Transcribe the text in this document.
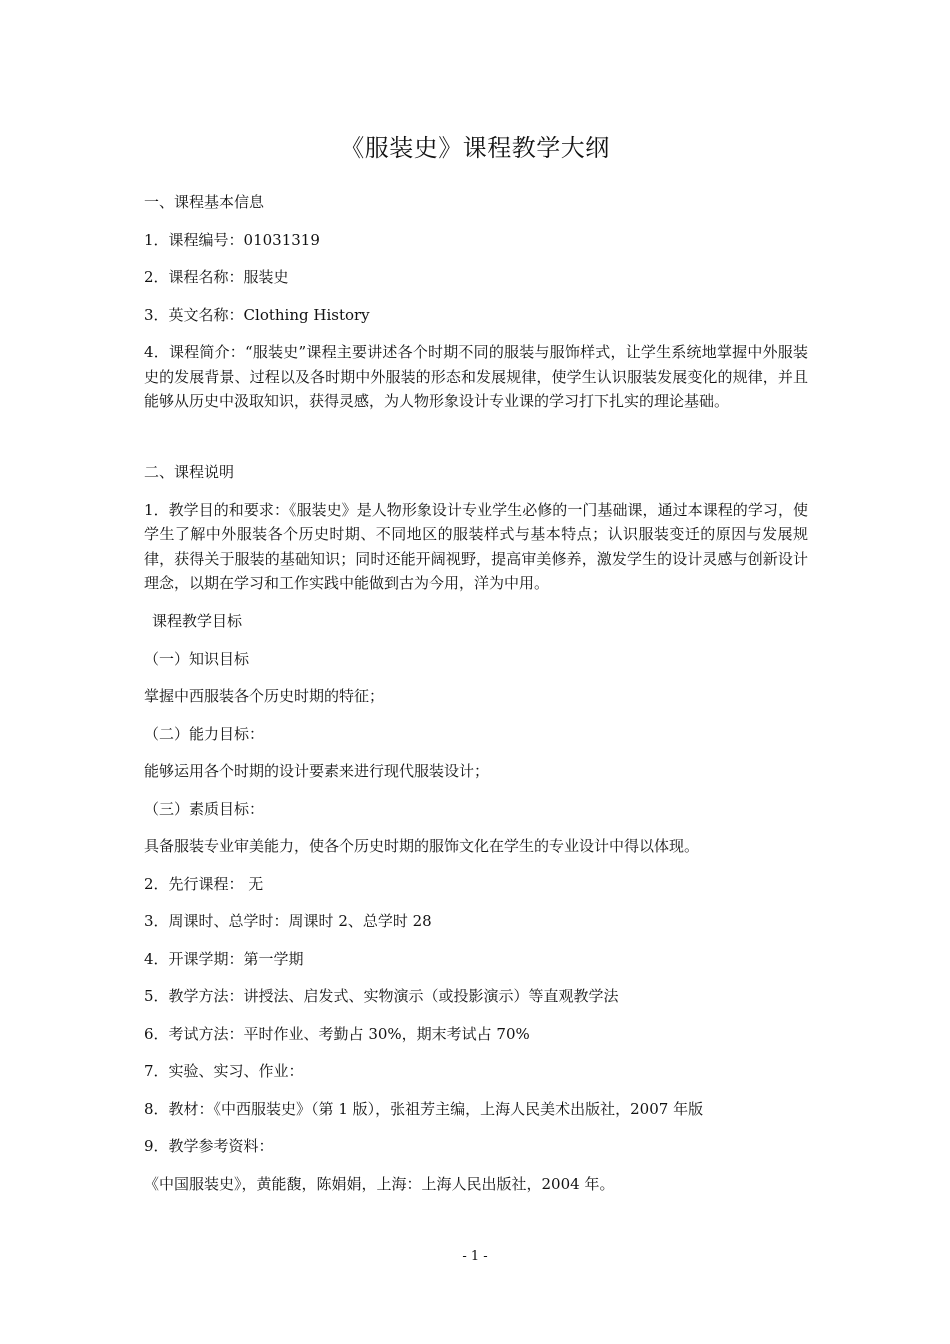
《服装史》课程教学大纲
一、课程基本信息
1．课程编号：01031319
2．课程名称：服装史
3．英文名称：Clothing History
4．课程简介：“服装史”课程主要讲述各个时期不同的服装与服饰样式，让学生系统地掌握中外服装史的发展背景、过程以及各时期中外服装的形态和发展规律，使学生认识服装发展变化的规律，并且能够从历史中汲取知识，获得灵感，为人物形象设计专业课的学习打下扎实的理论基础。
二、课程说明
1．教学目的和要求：《服装史》是人物形象设计专业学生必修的一门基础课，通过本课程的学习，使学生了解中外服装各个历史时期、不同地区的服装样式与基本特点；认识服装变迁的原因与发展规律，获得关于服装的基础知识；同时还能开阔视野，提高审美修养，激发学生的设计灵感与创新设计理念，以期在学习和工作实践中能做到古为今用，洋为中用。
课程教学目标
（一）知识目标
掌握中西服装各个历史时期的特征；
（二）能力目标：
能够运用各个时期的设计要素来进行现代服装设计；
（三）素质目标：
具备服装专业审美能力，使各个历史时期的服饰文化在学生的专业设计中得以体现。
2．先行课程： 无
3．周课时、总学时：周课时 2、总学时 28
4．开课学期：第一学期
5．教学方法：讲授法、启发式、实物演示（或投影演示）等直观教学法
6．考试方法：平时作业、考勤占 30%，期末考试占 70%
7．实验、实习、作业：
8．教材：《中西服装史》（第 1 版），张祖芳主编，上海人民美术出版社，2007 年版
9．教学参考资料：
《中国服装史》，黄能馥，陈娟娟，上海：上海人民出版社，2004 年。
- 1 -
